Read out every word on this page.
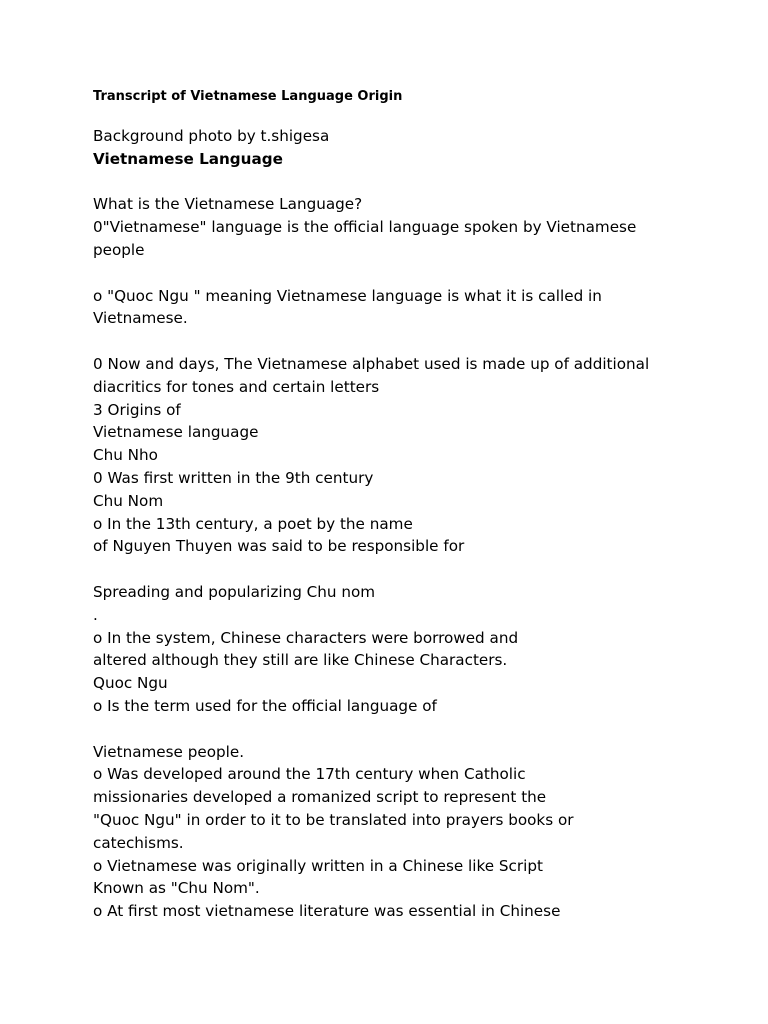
Transcript of Vietnamese Language Origin
Background photo by t.shigesa
Vietnamese Language
What is the Vietnamese Language?
0"Vietnamese" language is the official language spoken by Vietnamese
people
o "Quoc Ngu " meaning Vietnamese language is what it is called in
Vietnamese.
0 Now and days, The Vietnamese alphabet used is made up of additional
diacritics for tones and certain letters
3 Origins of
Vietnamese language
Chu Nho
0 Was first written in the 9th century
Chu Nom
o In the 13th century, a poet by the name
of Nguyen Thuyen was said to be responsible for
Spreading and popularizing Chu nom
.
o In the system, Chinese characters were borrowed and
altered although they still are like Chinese Characters.
Quoc Ngu
o Is the term used for the official language of
Vietnamese people.
o Was developed around the 17th century when Catholic
missionaries developed a romanized script to represent the
"Quoc Ngu" in order to it to be translated into prayers books or
catechisms.
o Vietnamese was originally written in a Chinese like Script
Known as "Chu Nom".
o At first most vietnamese literature was essential in Chinese
